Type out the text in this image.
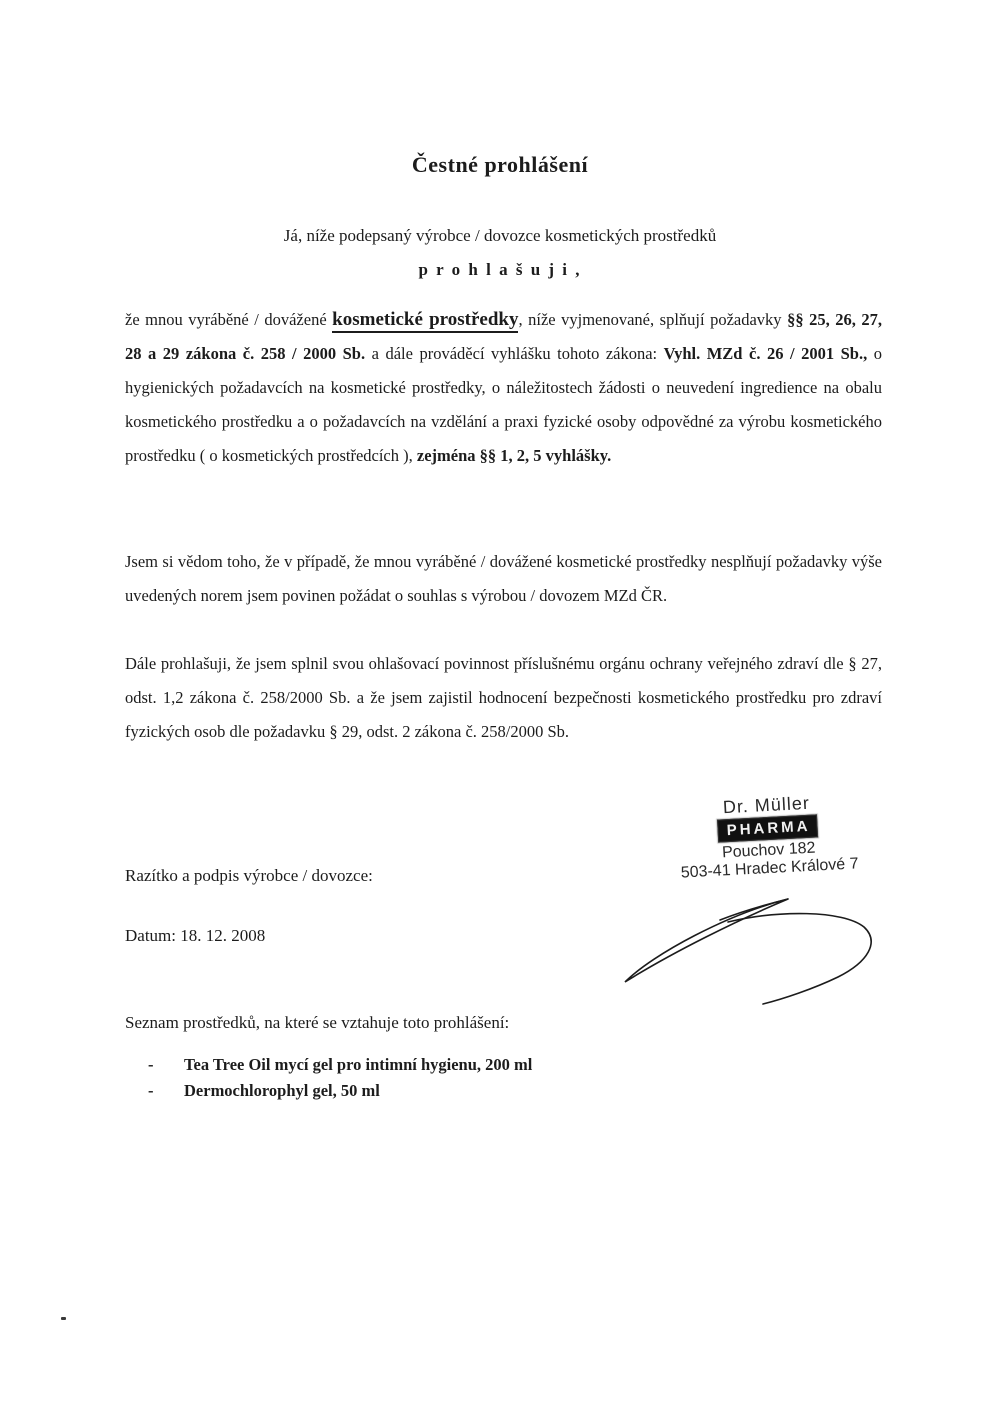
Čestné prohlášení
Já, níže podepsaný výrobce / dovozce kosmetických prostředků
p r o h l a š u j i ,

že mnou vyráběné / dovážené kosmetické prostředky, níže vyjmenované, splňují požadavky §§ 25, 26, 27, 28 a 29 zákona č. 258 / 2000 Sb. a dále prováděcí vyhlášku tohoto zákona: Vyhl. MZd č. 26 / 2001 Sb., o hygienických požadavcích na kosmetické prostředky, o náležitostech žádosti o neuvedení ingredience na obalu kosmetického prostředku a o požadavcích na vzdělání a praxi fyzické osoby odpovědné za výrobu kosmetického prostředku ( o kosmetických prostředcích ), zejména §§ 1, 2, 5 vyhlášky.

Jsem si vědom toho, že v případě, že mnou vyráběné / dovážené kosmetické prostředky nesplňují požadavky výše uvedených norem jsem povinen požádat o souhlas s výrobou / dovozem MZd ČR.

Dále prohlašuji, že jsem splnil svou ohlašovací povinnost příslušnému orgánu ochrany veřejného zdraví dle § 27, odst. 1,2 zákona č. 258/2000 Sb. a že jsem zajistil hodnocení bezpečnosti kosmetického prostředku pro zdraví fyzických osob dle požadavku § 29, odst. 2 zákona č. 258/2000 Sb.

Dr. Müller
PHARMA
Pouchov 182
503-41 Hradec Králové 7
Razítko a podpis výrobce / dovozce:
Datum: 18. 12. 2008
Seznam prostředků, na které se vztahuje toto prohlášení:
-	Tea Tree Oil mycí gel pro intimní hygienu, 200 ml
-	Dermochlorophyl gel, 50 ml
